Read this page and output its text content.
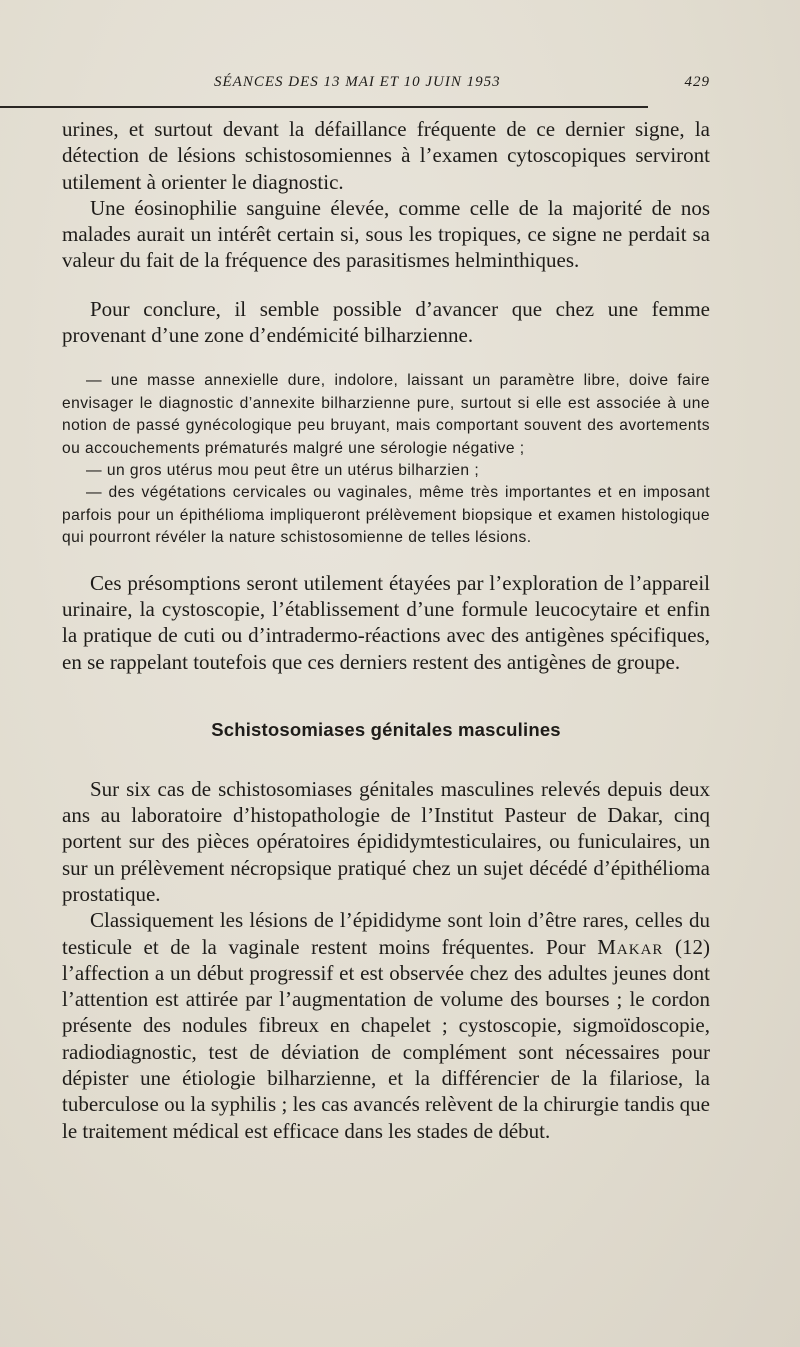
SÉANCES DES 13 MAI ET 10 JUIN 1953	429

urines, et surtout devant la défaillance fréquente de ce dernier signe, la détection de lésions schistosomiennes à l’examen cytoscopiques serviront utilement à orienter le diagnostic.

Une éosinophilie sanguine élevée, comme celle de la majorité de nos malades aurait un intérêt certain si, sous les tropiques, ce signe ne perdait sa valeur du fait de la fréquence des parasitismes helminthiques.

Pour conclure, il semble possible d’avancer que chez une femme provenant d’une zone d’endémicité bilharzienne.

— une masse annexielle dure, indolore, laissant un paramètre libre, doive faire envisager le diagnostic d’annexite bilharzienne pure, surtout si elle est associée à une notion de passé gynécologique peu bruyant, mais comportant souvent des avortements ou accouchements prématurés malgré une sérologie négative ;

— un gros utérus mou peut être un utérus bilharzien ;

— des végétations cervicales ou vaginales, même très importantes et en imposant parfois pour un épithélioma impliqueront prélèvement biopsique et examen histologique qui pourront révéler la nature schistosomienne de telles lésions.

Ces présomptions seront utilement étayées par l’exploration de l’appareil urinaire, la cystoscopie, l’établissement d’une formule leucocytaire et enfin la pratique de cuti ou d’intradermo-réactions avec des antigènes spécifiques, en se rappelant toutefois que ces derniers restent des antigènes de groupe.

Schistosomiases génitales masculines

Sur six cas de schistosomiases génitales masculines relevés depuis deux ans au laboratoire d’histopathologie de l’Institut Pasteur de Dakar, cinq portent sur des pièces opératoires épididymtesticulaires, ou funiculaires, un sur un prélèvement nécropsique pratiqué chez un sujet décédé d’épithélioma prostatique.

Classiquement les lésions de l’épididyme sont loin d’être rares, celles du testicule et de la vaginale restent moins fréquentes. Pour Makar (12) l’affection a un début progressif et est observée chez des adultes jeunes dont l’attention est attirée par l’augmentation de volume des bourses ; le cordon présente des nodules fibreux en chapelet ; cystoscopie, sigmoïdoscopie, radiodiagnostic, test de déviation de complément sont nécessaires pour dépister une étiologie bilharzienne, et la différencier de la filariose, la tuberculose ou la syphilis ; les cas avancés relèvent de la chirurgie tandis que le traitement médical est efficace dans les stades de début.
